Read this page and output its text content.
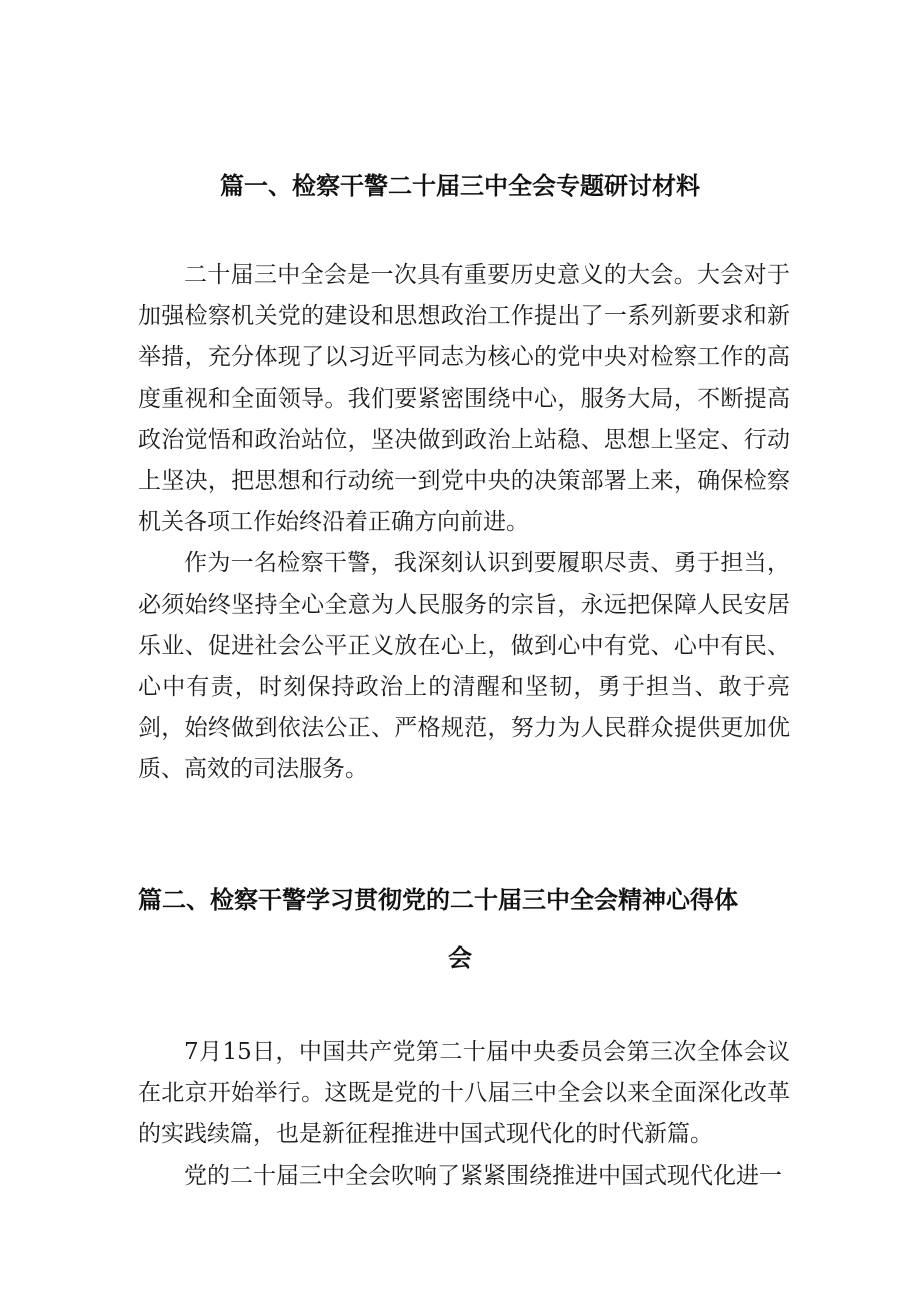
篇一、检察干警二十届三中全会专题研讨材料

二十届三中全会是一次具有重要历史意义的大会。大会对于加强检察机关党的建设和思想政治工作提出了一系列新要求和新举措，充分体现了以习近平同志为核心的党中央对检察工作的高度重视和全面领导。我们要紧密围绕中心，服务大局，不断提高政治觉悟和政治站位，坚决做到政治上站稳、思想上坚定、行动上坚决，把思想和行动统一到党中央的决策部署上来，确保检察机关各项工作始终沿着正确方向前进。

作为一名检察干警，我深刻认识到要履职尽责、勇于担当，必须始终坚持全心全意为人民服务的宗旨，永远把保障人民安居乐业、促进社会公平正义放在心上，做到心中有党、心中有民、心中有责，时刻保持政治上的清醒和坚韧，勇于担当、敢于亮剑，始终做到依法公正、严格规范，努力为人民群众提供更加优质、高效的司法服务。

篇二、检察干警学习贯彻党的二十届三中全会精神心得体
会

7月15日，中国共产党第二十届中央委员会第三次全体会议在北京开始举行。这既是党的十八届三中全会以来全面深化改革的实践续篇，也是新征程推进中国式现代化的时代新篇。

党的二十届三中全会吹响了紧紧围绕推进中国式现代化进一
